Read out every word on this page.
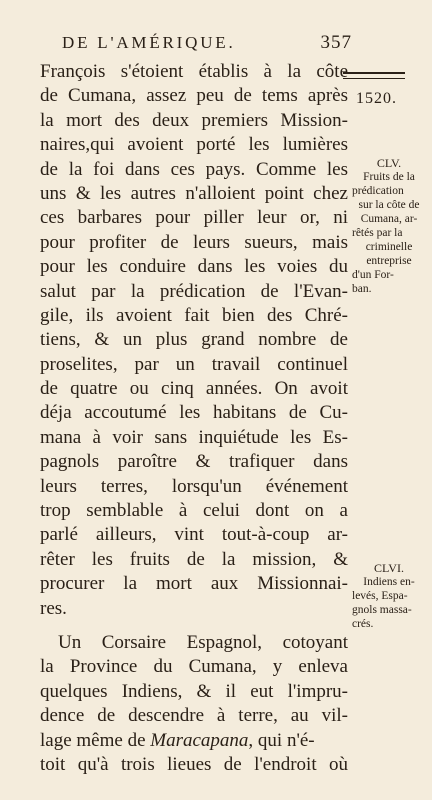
DE L'AMÉRIQUE.	357
1520.
François s'étoient établis à la côte
de Cumana, assez peu de tems après
la mort des deux premiers Mission-
naires,qui avoient porté les lumières
de la foi dans ces pays. Comme les
uns & les autres n'alloient point chez
ces barbares pour piller leur or, ni
pour profiter de leurs sueurs, mais
pour les conduire dans les voies du
salut par la prédication de l'Evan-
gile, ils avoient fait bien des Chré-
tiens, & un plus grand nombre de
proselites, par un travail continuel
de quatre ou cinq années. On avoit
déja accoutumé les habitans de Cu-
mana à voir sans inquiétude les Es-
pagnols paroître & trafiquer dans
leurs terres, lorsqu'un événement
trop semblable à celui dont on a
parlé ailleurs, vint tout-à-coup ar-
rêter les fruits de la mission, &
procurer la mort aux Missionnai-
res.
Un Corsaire Espagnol, cotoyant
la Province du Cumana, y enleva
quelques Indiens, & il eut l'impru-
dence de descendre à terre, au vil-
lage même de Maracapana, qui n'é-
toit qu'à trois lieues de l'endroit où
CLV.
Fruits de la
prédication
sur la côte de
Cumana, ar-
rêtés par la
criminelle
entreprise
d'un For-
ban.
CLVI.
Indiens en-
levés, Espa-
gnols massa-
crés.
